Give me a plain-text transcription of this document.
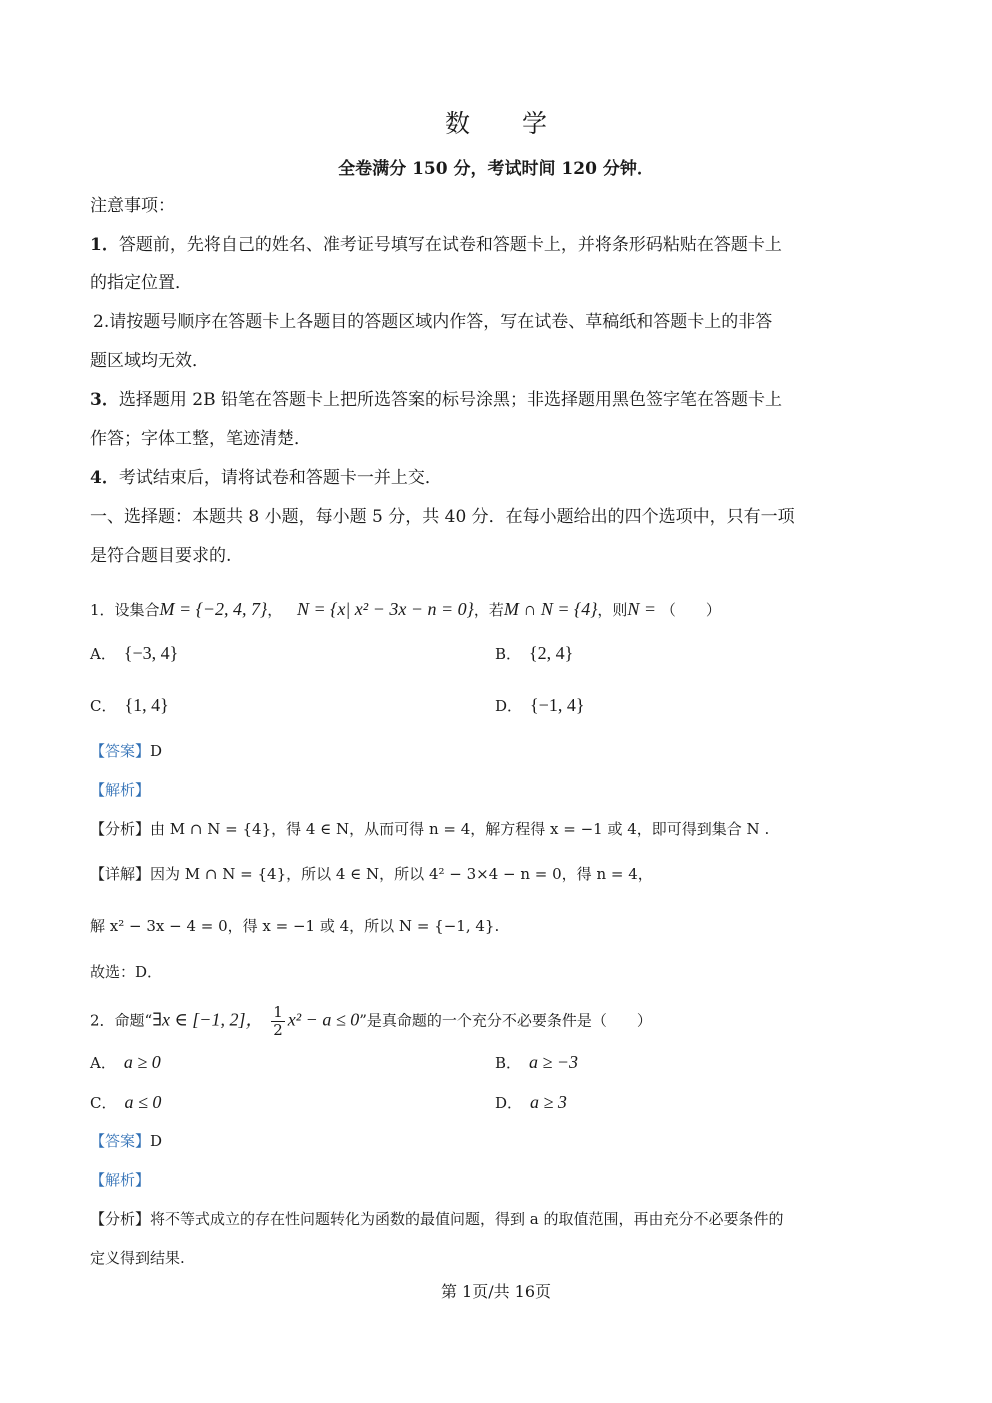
数 学
全卷满分 150 分，考试时间 120 分钟．
注意事项：
1．答题前，先将自己的姓名、准考证号填写在试卷和答题卡上，并将条形码粘贴在答题卡上
的指定位置．
2.请按题号顺序在答题卡上各题目的答题区域内作答，写在试卷、草稿纸和答题卡上的非答
题区域均无效．
3．选择题用 2B 铅笔在答题卡上把所选答案的标号涂黑；非选择题用黑色签字笔在答题卡上
作答；字体工整，笔迹清楚．
4．考试结束后，请将试卷和答题卡一并上交．
一、选择题：本题共 8 小题，每小题 5 分，共 40 分．在每小题给出的四个选项中，只有一项
是符合题目要求的.
1．设集合M = {−2, 4, 7}， N = {x| x² − 3x − n = 0}，若M ∩ N = {4}，则N = （　　）
A． {−3, 4}	B． {2, 4}
C． {1, 4}	D． {−1, 4}
【答案】D
【解析】
【分析】由 M ∩ N = {4}，得 4 ∈ N，从而可得 n = 4，解方程得 x = −1 或 4，即可得到集合 N .
【详解】因为 M ∩ N = {4}，所以 4 ∈ N，所以 4² − 3×4 − n = 0，得 n = 4，
解 x² − 3x − 4 = 0，得 x = −1 或 4，所以 N = {−1, 4}.
故选：D．
2．命题“∃x ∈ [−1, 2]， $\frac{1}{2} x^2 - a \le 0$”是真命题的一个充分不必要条件是（　　）
A． a ≥ 0	B． a ≥ −3
C． a ≤ 0	D． a ≥ 3
【答案】D
【解析】
【分析】将不等式成立的存在性问题转化为函数的最值问题，得到 a 的取值范围，再由充分不必要条件的
定义得到结果.
第 1页/共 16页
